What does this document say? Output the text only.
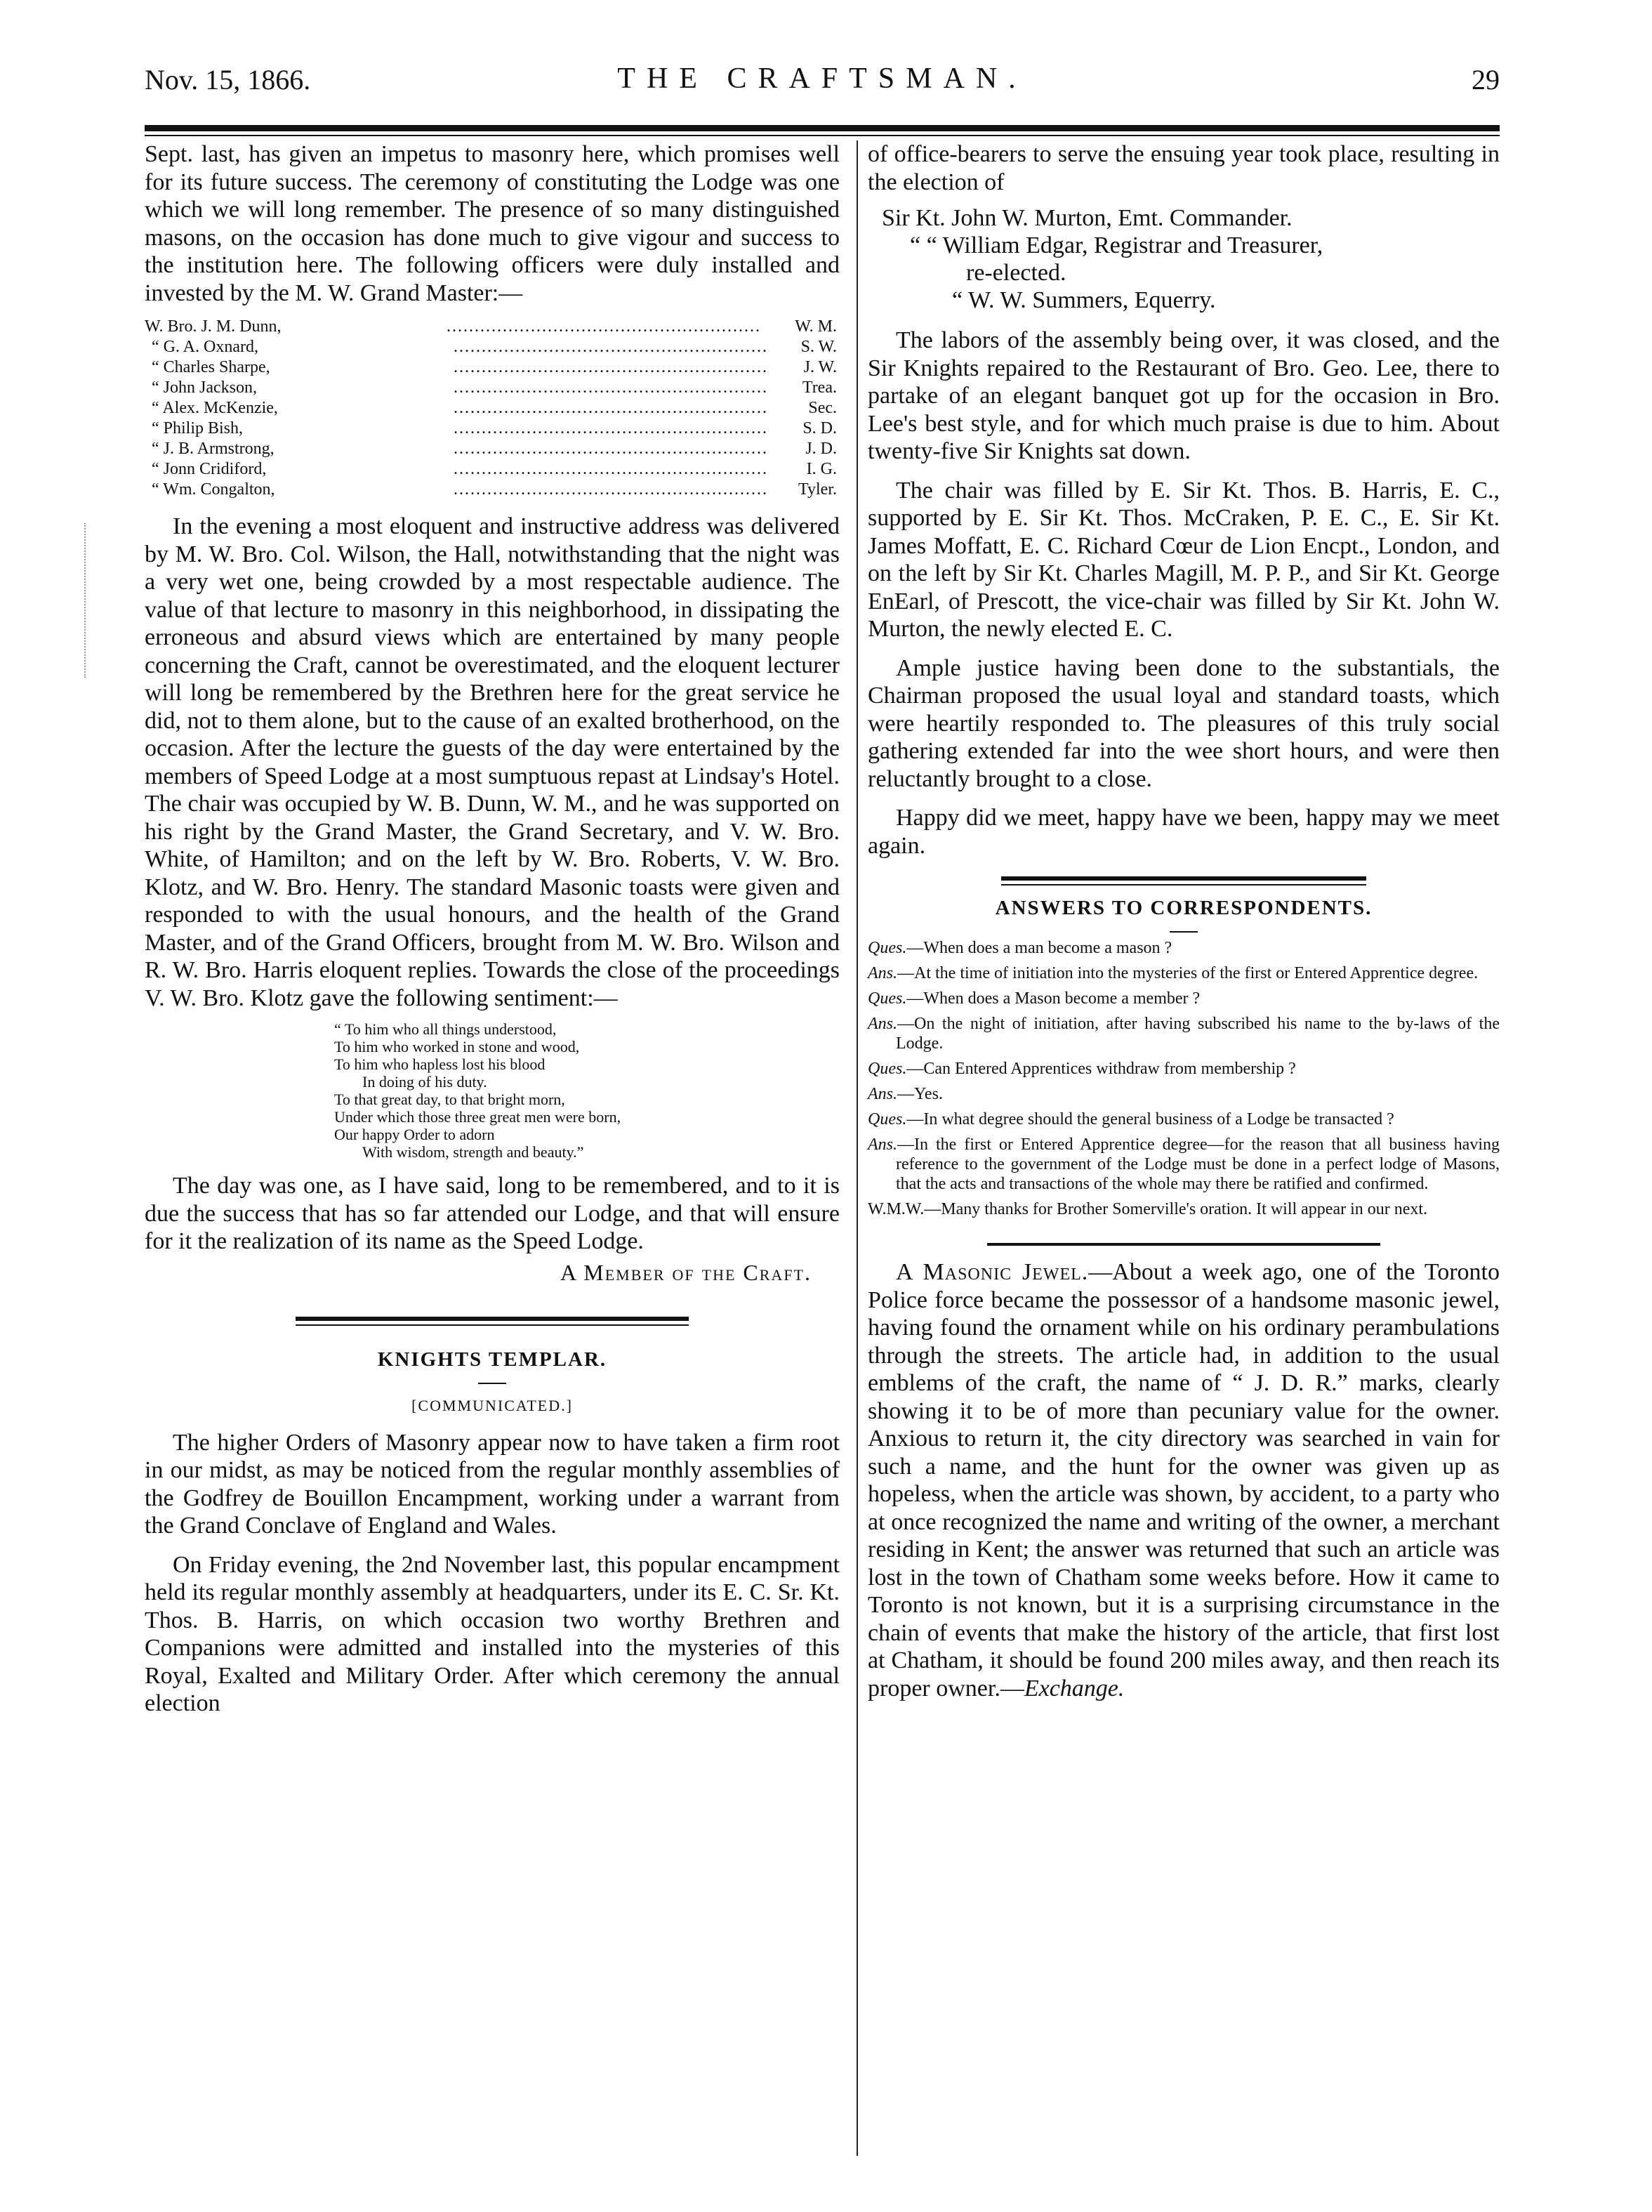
Nov. 15, 1866.	THE CRAFTSMAN.	29

Sept. last, has given an impetus to masonry here, which promises well for its future success. The ceremony of constituting the Lodge was one which we will long remember. The presence of so many distinguished masons, on the occasion has done much to give vigour and success to the institution here. The following officers were duly installed and invested by the M. W. Grand Master:—

W. Bro. J. M. Dunn,	........................................................	W. M.
“ G. A. Oxnard,	........................................................	S. W.
“ Charles Sharpe,	........................................................	J. W.
“ John Jackson,	........................................................	Trea.
“ Alex. McKenzie,	........................................................	Sec.
“ Philip Bish,	........................................................	S. D.
“ J. B. Armstrong,	........................................................	J. D.
“ Jonn Cridiford,	........................................................	I. G.
“ Wm. Congalton,	........................................................	Tyler.

In the evening a most eloquent and instructive address was delivered by M. W. Bro. Col. Wilson, the Hall, notwithstanding that the night was a very wet one, being crowded by a most respectable audience. The value of that lecture to masonry in this neighborhood, in dissipating the erroneous and absurd views which are entertained by many people concerning the Craft, cannot be overestimated, and the eloquent lecturer will long be remembered by the Brethren here for the great service he did, not to them alone, but to the cause of an exalted brotherhood, on the occasion. After the lecture the guests of the day were entertained by the members of Speed Lodge at a most sumptuous repast at Lindsay's Hotel. The chair was occupied by W. B. Dunn, W. M., and he was supported on his right by the Grand Master, the Grand Secretary, and V. W. Bro. White, of Hamilton; and on the left by W. Bro. Roberts, V. W. Bro. Klotz, and W. Bro. Henry. The standard Masonic toasts were given and responded to with the usual honours, and the health of the Grand Master, and of the Grand Officers, brought from M. W. Bro. Wilson and R. W. Bro. Harris eloquent replies. Towards the close of the proceedings V. W. Bro. Klotz gave the following sentiment:—

“ To him who all things understood,
To him who worked in stone and wood,
To him who hapless lost his blood
In doing of his duty.
To that great day, to that bright morn,
Under which those three great men were born,
Our happy Order to adorn
With wisdom, strength and beauty.”

The day was one, as I have said, long to be remembered, and to it is due the success that has so far attended our Lodge, and that will ensure for it the realization of its name as the Speed Lodge.

A Member of the Craft.
KNIGHTS TEMPLAR.
[COMMUNICATED.]

The higher Orders of Masonry appear now to have taken a firm root in our midst, as may be noticed from the regular monthly assemblies of the Godfrey de Bouillon Encampment, working under a warrant from the Grand Conclave of England and Wales.

On Friday evening, the 2nd November last, this popular encampment held its regular monthly assembly at headquarters, under its E. C. Sr. Kt. Thos. B. Harris, on which occasion two worthy Brethren and Companions were admitted and installed into the mysteries of this Royal, Exalted and Military Order. After which ceremony the annual election

of office-bearers to serve the ensuing year took place, resulting in the election of

Sir Kt. John W. Murton, Emt. Commander.
“ “ William Edgar, Registrar and Treasurer,
re-elected.
“ W. W. Summers, Equerry.

The labors of the assembly being over, it was closed, and the Sir Knights repaired to the Restaurant of Bro. Geo. Lee, there to partake of an elegant banquet got up for the occasion in Bro. Lee's best style, and for which much praise is due to him. About twenty-five Sir Knights sat down.

The chair was filled by E. Sir Kt. Thos. B. Harris, E. C., supported by E. Sir Kt. Thos. McCraken, P. E. C., E. Sir Kt. James Moffatt, E. C. Richard Cœur de Lion Encpt., London, and on the left by Sir Kt. Charles Magill, M. P. P., and Sir Kt. George EnEarl, of Prescott, the vice-chair was filled by Sir Kt. John W. Murton, the newly elected E. C.

Ample justice having been done to the substantials, the Chairman proposed the usual loyal and standard toasts, which were heartily responded to. The pleasures of this truly social gathering extended far into the wee short hours, and were then reluctantly brought to a close.

Happy did we meet, happy have we been, happy may we meet again.

ANSWERS TO CORRESPONDENTS.
Ques.—When does a man become a mason ?
Ans.—At the time of initiation into the mysteries of the first or Entered Apprentice degree.
Ques.—When does a Mason become a member ?
Ans.—On the night of initiation, after having subscribed his name to the by-laws of the Lodge.
Ques.—Can Entered Apprentices withdraw from membership ?
Ans.—Yes.
Ques.—In what degree should the general business of a Lodge be transacted ?
Ans.—In the first or Entered Apprentice degree—for the reason that all business having reference to the government of the Lodge must be done in a perfect lodge of Masons, that the acts and transactions of the whole may there be ratified and confirmed.
W.M.W.—Many thanks for Brother Somerville's oration. It will appear in our next.

A Masonic Jewel.—About a week ago, one of the Toronto Police force became the possessor of a handsome masonic jewel, having found the ornament while on his ordinary perambulations through the streets. The article had, in addition to the usual emblems of the craft, the name of “ J. D. R.” marks, clearly showing it to be of more than pecuniary value for the owner. Anxious to return it, the city directory was searched in vain for such a name, and the hunt for the owner was given up as hopeless, when the article was shown, by accident, to a party who at once recognized the name and writing of the owner, a merchant residing in Kent; the answer was returned that such an article was lost in the town of Chatham some weeks before. How it came to Toronto is not known, but it is a surprising circumstance in the chain of events that make the history of the article, that first lost at Chatham, it should be found 200 miles away, and then reach its proper owner.—Exchange.
